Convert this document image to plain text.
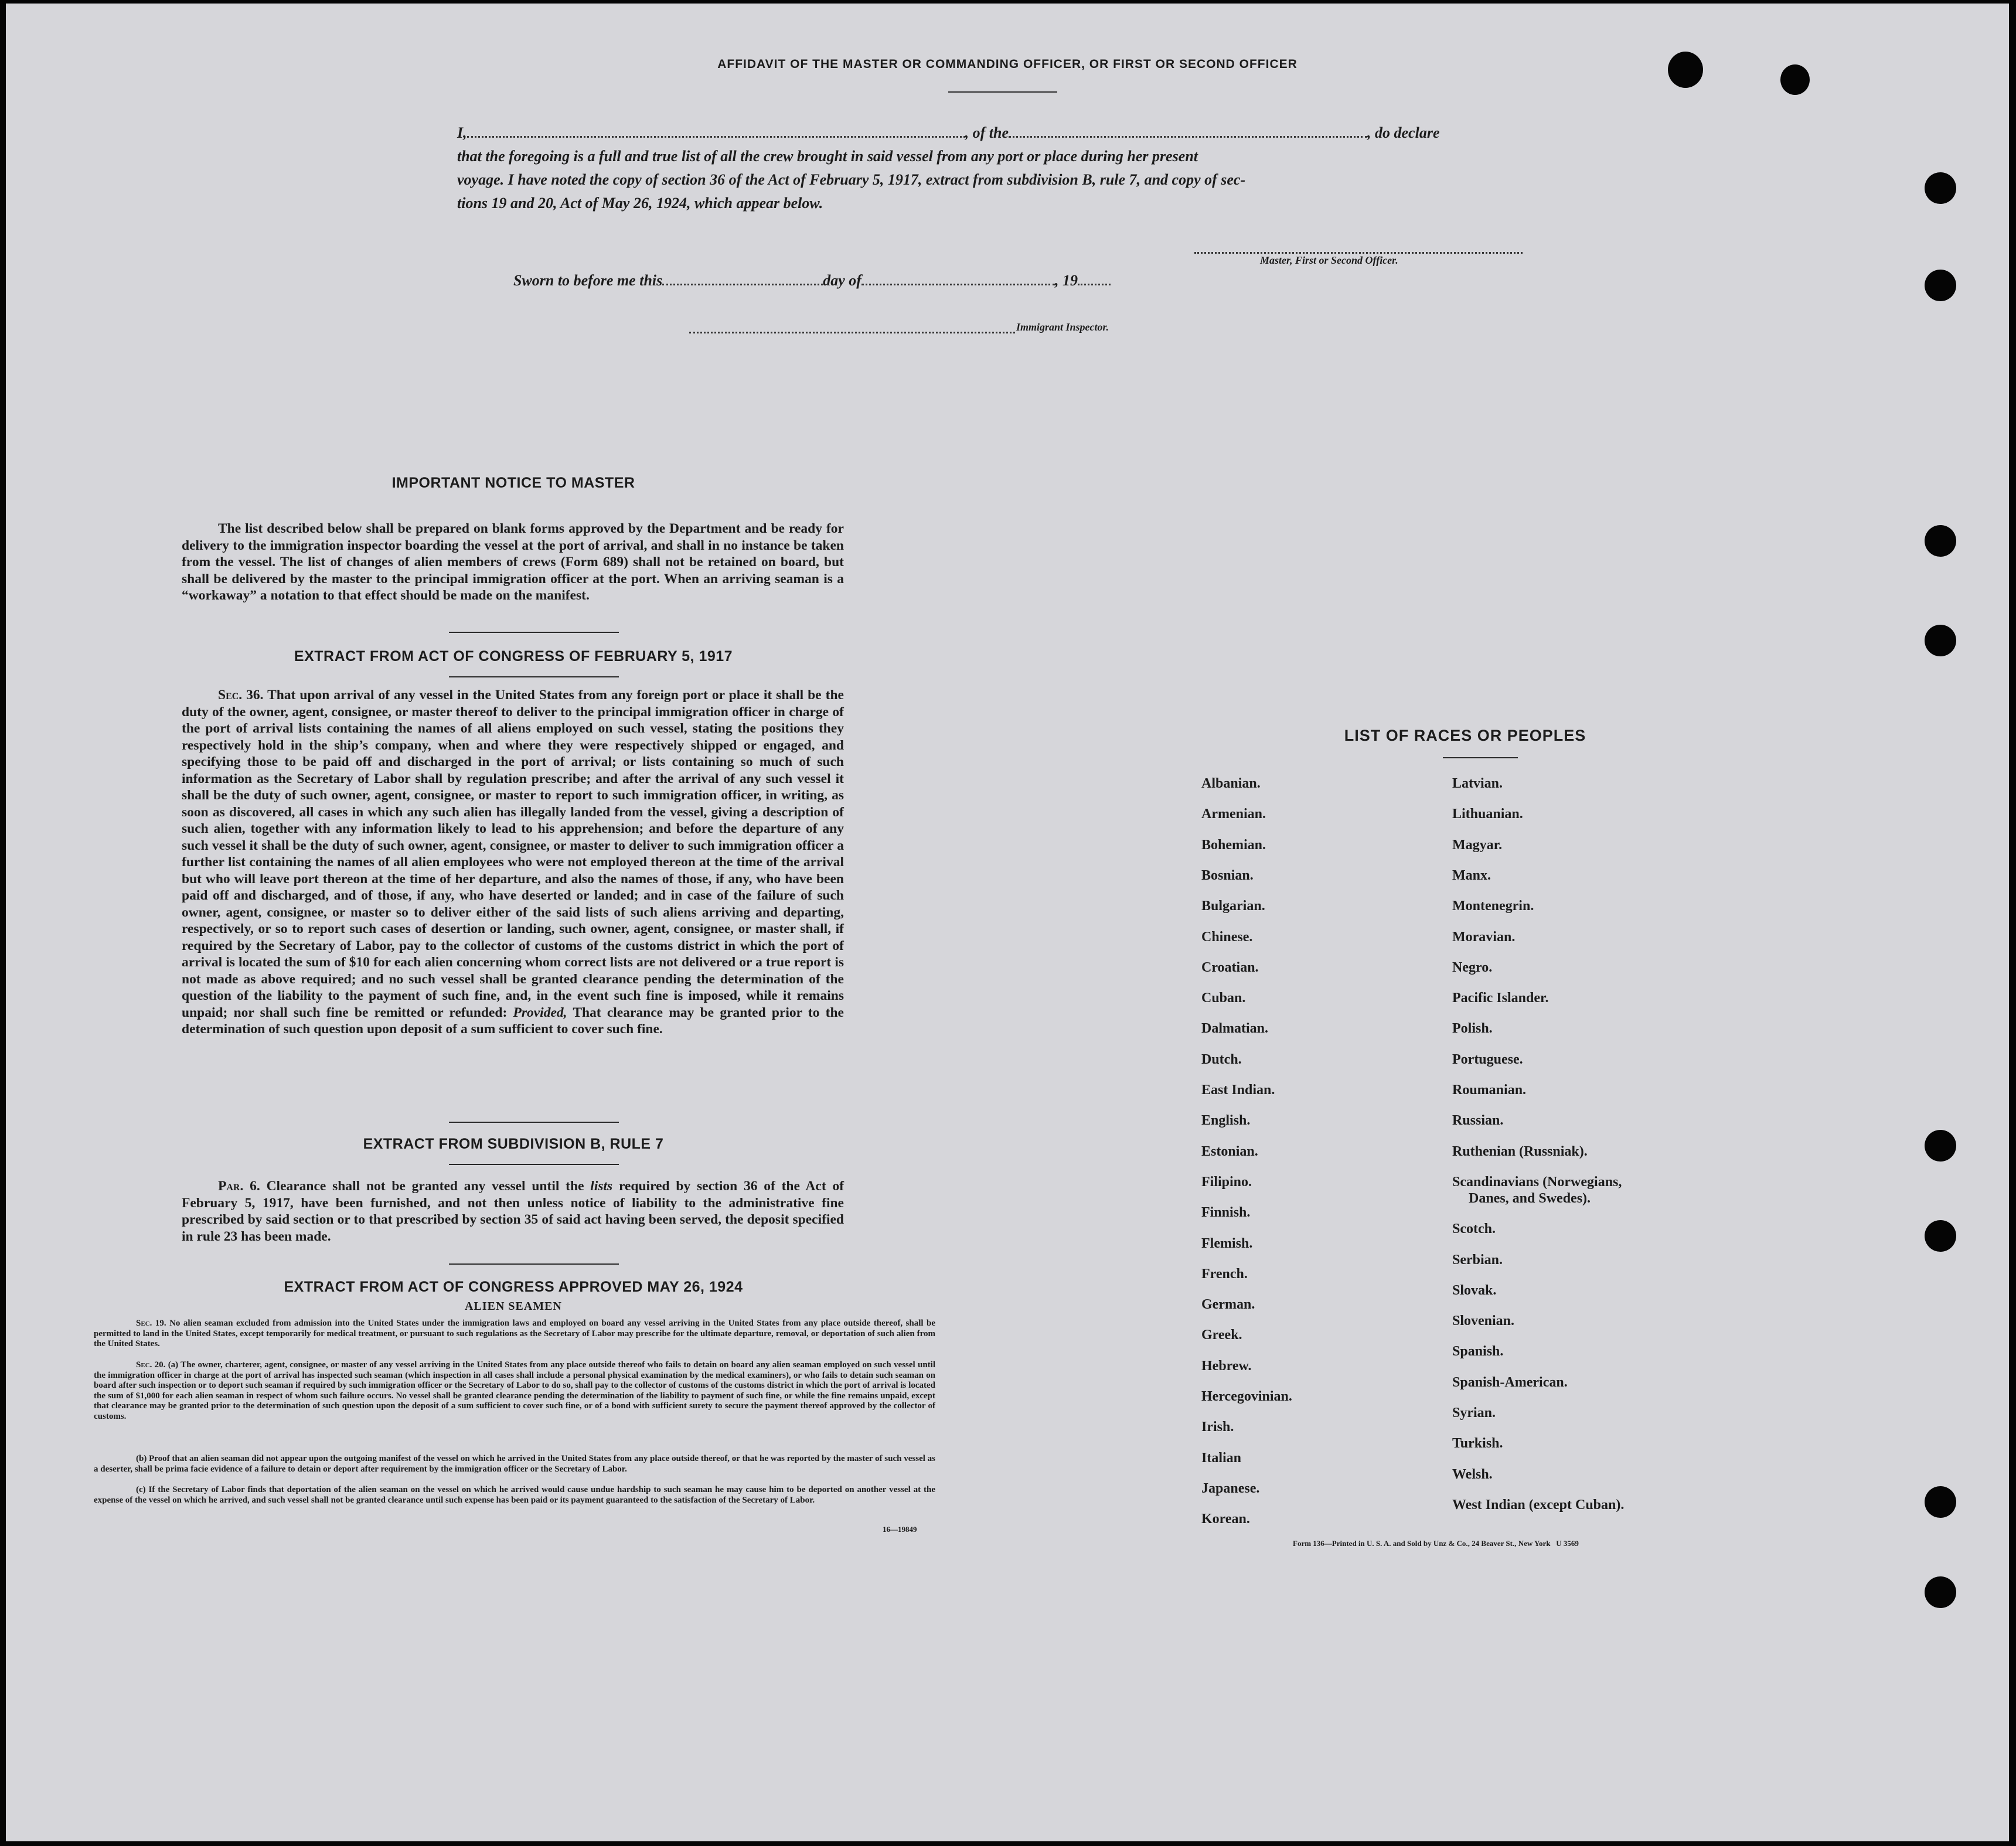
AFFIDAVIT OF THE MASTER OR COMMANDING OFFICER, OR FIRST OR SECOND OFFICER
I,	, of the	, do declare
that the foregoing is a full and true list of all the crew brought in said vessel from any port or place during her present
voyage. I have noted the copy of section 36 of the Act of February 5, 1917, extract from subdivision B, rule 7, and copy of sec-
tions 19 and 20, Act of May 26, 1924, which appear below.
Master, First or Second Officer.
Sworn to before me this	day of	, 19
Immigrant Inspector.
IMPORTANT NOTICE TO MASTER
The list described below shall be prepared on blank forms approved by the Department and be ready for delivery to the immigration inspector boarding the vessel at the port of arrival, and shall in no instance be taken from the vessel. The list of changes of alien members of crews (Form 689) shall not be retained on board, but shall be delivered by the master to the principal immigration officer at the port. When an arriving seaman is a “workaway” a notation to that effect should be made on the manifest.
EXTRACT FROM ACT OF CONGRESS OF FEBRUARY 5, 1917
Sec. 36. That upon arrival of any vessel in the United States from any foreign port or place it shall be the duty of the owner, agent, consignee, or master thereof to deliver to the principal immigration officer in charge of the port of arrival lists containing the names of all aliens employed on such vessel, stating the positions they respectively hold in the ship’s company, when and where they were respectively shipped or engaged, and specifying those to be paid off and discharged in the port of arrival; or lists containing so much of such information as the Secretary of Labor shall by regulation prescribe; and after the arrival of any such vessel it shall be the duty of such owner, agent, consignee, or master to report to such immigration officer, in writing, as soon as discovered, all cases in which any such alien has illegally landed from the vessel, giving a description of such alien, together with any information likely to lead to his apprehension; and before the departure of any such vessel it shall be the duty of such owner, agent, consignee, or master to deliver to such immigration officer a further list containing the names of all alien employees who were not employed thereon at the time of the arrival but who will leave port thereon at the time of her departure, and also the names of those, if any, who have been paid off and discharged, and of those, if any, who have deserted or landed; and in case of the failure of such owner, agent, consignee, or master so to deliver either of the said lists of such aliens arriving and departing, respectively, or so to report such cases of desertion or landing, such owner, agent, consignee, or master shall, if required by the Secretary of Labor, pay to the collector of customs of the customs district in which the port of arrival is located the sum of $10 for each alien concerning whom correct lists are not delivered or a true report is not made as above required; and no such vessel shall be granted clearance pending the determination of the question of the liability to the payment of such fine, and, in the event such fine is imposed, while it remains unpaid; nor shall such fine be remitted or refunded: Provided, That clearance may be granted prior to the determination of such question upon deposit of a sum sufficient to cover such fine.
EXTRACT FROM SUBDIVISION B, RULE 7
Par. 6. Clearance shall not be granted any vessel until the lists required by section 36 of the Act of February 5, 1917, have been furnished, and not then unless notice of liability to the administrative fine prescribed by said section or to that prescribed by section 35 of said act having been served, the deposit specified in rule 23 has been made.
EXTRACT FROM ACT OF CONGRESS APPROVED MAY 26, 1924
ALIEN SEAMEN
Sec. 19. No alien seaman excluded from admission into the United States under the immigration laws and employed on board any vessel arriving in the United States from any place outside thereof, shall be permitted to land in the United States, except temporarily for medical treatment, or pursuant to such regulations as the Secretary of Labor may prescribe for the ultimate departure, removal, or deportation of such alien from the United States.
Sec. 20. (a) The owner, charterer, agent, consignee, or master of any vessel arriving in the United States from any place outside thereof who fails to detain on board any alien seaman employed on such vessel until the immigration officer in charge at the port of arrival has inspected such seaman (which inspection in all cases shall include a personal physical examination by the medical examiners), or who fails to detain such seaman on board after such inspection or to deport such seaman if required by such immigration officer or the Secretary of Labor to do so, shall pay to the collector of customs of the customs district in which the port of arrival is located the sum of $1,000 for each alien seaman in respect of whom such failure occurs. No vessel shall be granted clearance pending the determination of the liability to payment of such fine, or while the fine remains unpaid, except that clearance may be granted prior to the determination of such question upon the deposit of a sum sufficient to cover such fine, or of a bond with sufficient surety to secure the payment thereof approved by the collector of customs.
(b) Proof that an alien seaman did not appear upon the outgoing manifest of the vessel on which he arrived in the United States from any place outside thereof, or that he was reported by the master of such vessel as a deserter, shall be prima facie evidence of a failure to detain or deport after requirement by the immigration officer or the Secretary of Labor.
(c) If the Secretary of Labor finds that deportation of the alien seaman on the vessel on which he arrived would cause undue hardship to such seaman he may cause him to be deported on another vessel at the expense of the vessel on which he arrived, and such vessel shall not be granted clearance until such expense has been paid or its payment guaranteed to the satisfaction of the Secretary of Labor.
16—19849
LIST OF RACES OR PEOPLES
Albanian.
Armenian.
Bohemian.
Bosnian.
Bulgarian.
Chinese.
Croatian.
Cuban.
Dalmatian.
Dutch.
East Indian.
English.
Estonian.
Filipino.
Finnish.
Flemish.
French.
German.
Greek.
Hebrew.
Hercegovinian.
Irish.
Italian
Japanese.
Korean.
Latvian.
Lithuanian.
Magyar.
Manx.
Montenegrin.
Moravian.
Negro.
Pacific Islander.
Polish.
Portuguese.
Roumanian.
Russian.
Ruthenian (Russniak).
Scandinavians (Norwegians,
Danes, and Swedes).
Scotch.
Serbian.
Slovak.
Slovenian.
Spanish.
Spanish-American.
Syrian.
Turkish.
Welsh.
West Indian (except Cuban).
Form 136—Printed in U. S. A. and Sold by Unz & Co., 24 Beaver St., New York   U 3569
